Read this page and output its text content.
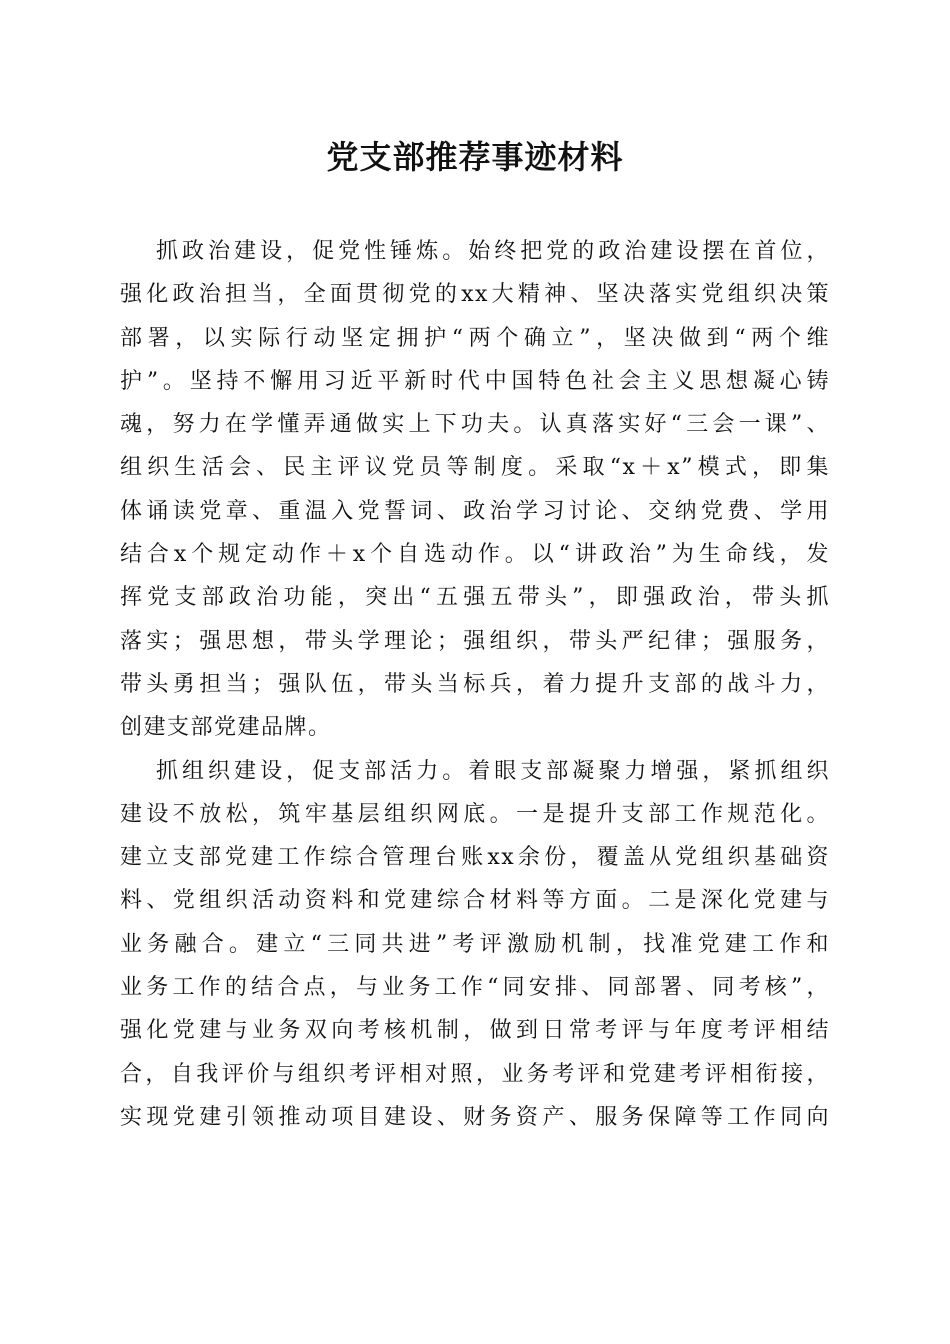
党支部推荐事迹材料

抓政治建设，促党性锤炼。始终把党的政治建设摆在首位，
强化政治担当，全面贯彻党的xx大精神、坚决落实党组织决策
部署，以实际行动坚定拥护“两个确立”，坚决做到“两个维
护”。坚持不懈用习近平新时代中国特色社会主义思想凝心铸
魂，努力在学懂弄通做实上下功夫。认真落实好“三会一课”、
组织生活会、民主评议党员等制度。采取“x＋x”模式，即集
体诵读党章、重温入党誓词、政治学习讨论、交纳党费、学用
结合x个规定动作＋x个自选动作。以“讲政治”为生命线，发
挥党支部政治功能，突出“五强五带头”，即强政治，带头抓
落实；强思想，带头学理论；强组织，带头严纪律；强服务，
带头勇担当；强队伍，带头当标兵，着力提升支部的战斗力，
创建支部党建品牌。

抓组织建设，促支部活力。着眼支部凝聚力增强，紧抓组织
建设不放松，筑牢基层组织网底。一是提升支部工作规范化。
建立支部党建工作综合管理台账xx余份，覆盖从党组织基础资
料、党组织活动资料和党建综合材料等方面。二是深化党建与
业务融合。建立“三同共进”考评激励机制，找准党建工作和
业务工作的结合点，与业务工作“同安排、同部署、同考核”，
强化党建与业务双向考核机制，做到日常考评与年度考评相结
合，自我评价与组织考评相对照，业务考评和党建考评相衔接，
实现党建引领推动项目建设、财务资产、服务保障等工作同向
